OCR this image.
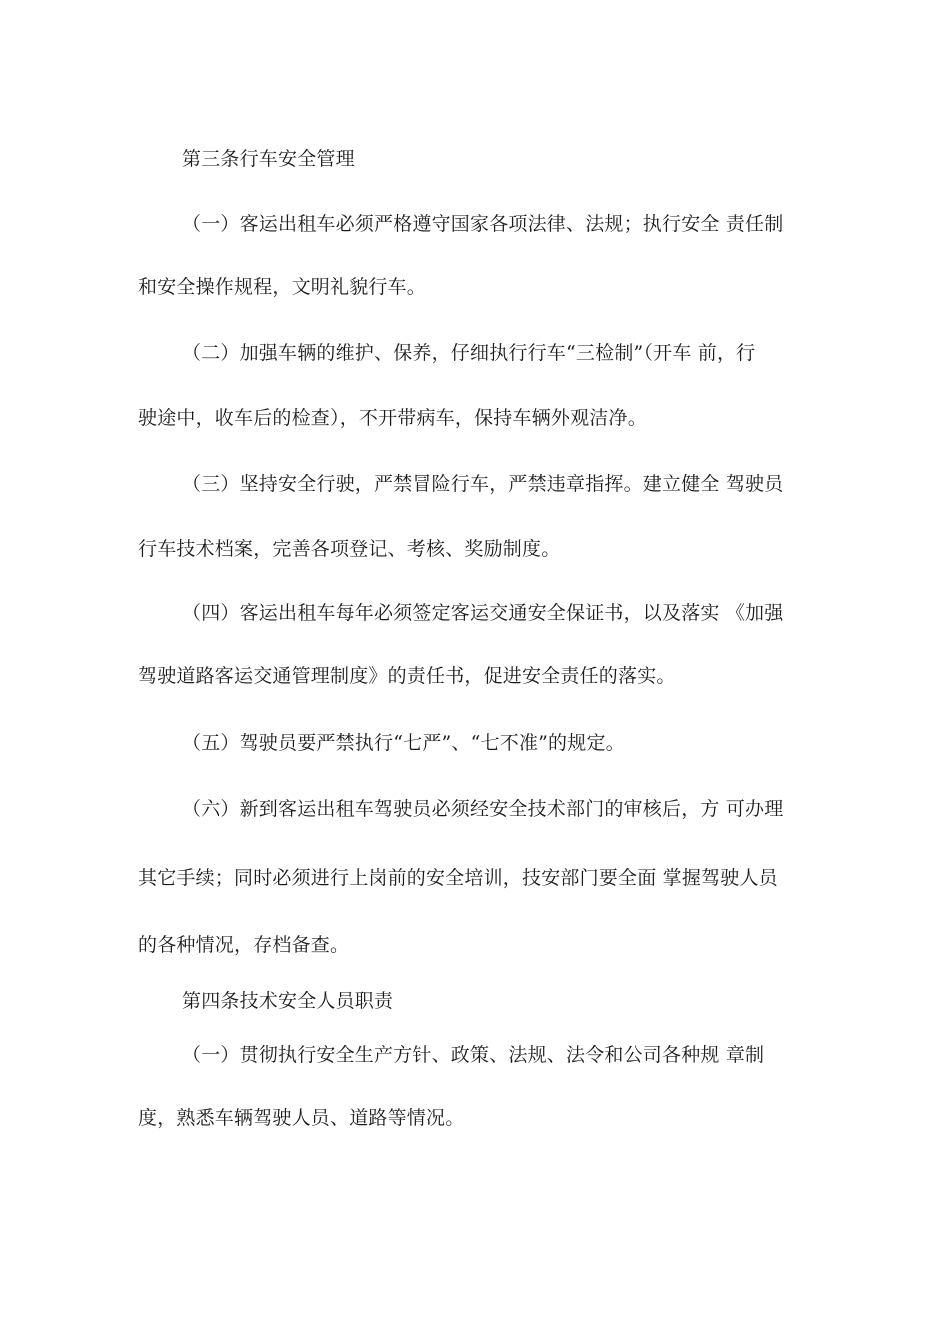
第三条行车安全管理
（一）客运出租车必须严格遵守国家各项法律、法规；执行安全 责任制
和安全操作规程，文明礼貌行车。
（二）加强车辆的维护、保养，仔细执行行车“三检制”（开车 前，行
驶途中，收车后的检查），不开带病车，保持车辆外观洁净。
（三）坚持安全行驶，严禁冒险行车，严禁违章指挥。建立健全 驾驶员
行车技术档案，完善各项登记、考核、奖励制度。
（四）客运出租车每年必须签定客运交通安全保证书，以及落实 《加强
驾驶道路客运交通管理制度》的责任书，促进安全责任的落实。
（五）驾驶员要严禁执行“七严”、“七不准”的规定。
（六）新到客运出租车驾驶员必须经安全技术部门的审核后，方 可办理
其它手续；同时必须进行上岗前的安全培训，技安部门要全面 掌握驾驶人员
的各种情况，存档备查。
第四条技术安全人员职责
（一）贯彻执行安全生产方针、政策、法规、法令和公司各种规 章制
度，熟悉车辆驾驶人员、道路等情况。
